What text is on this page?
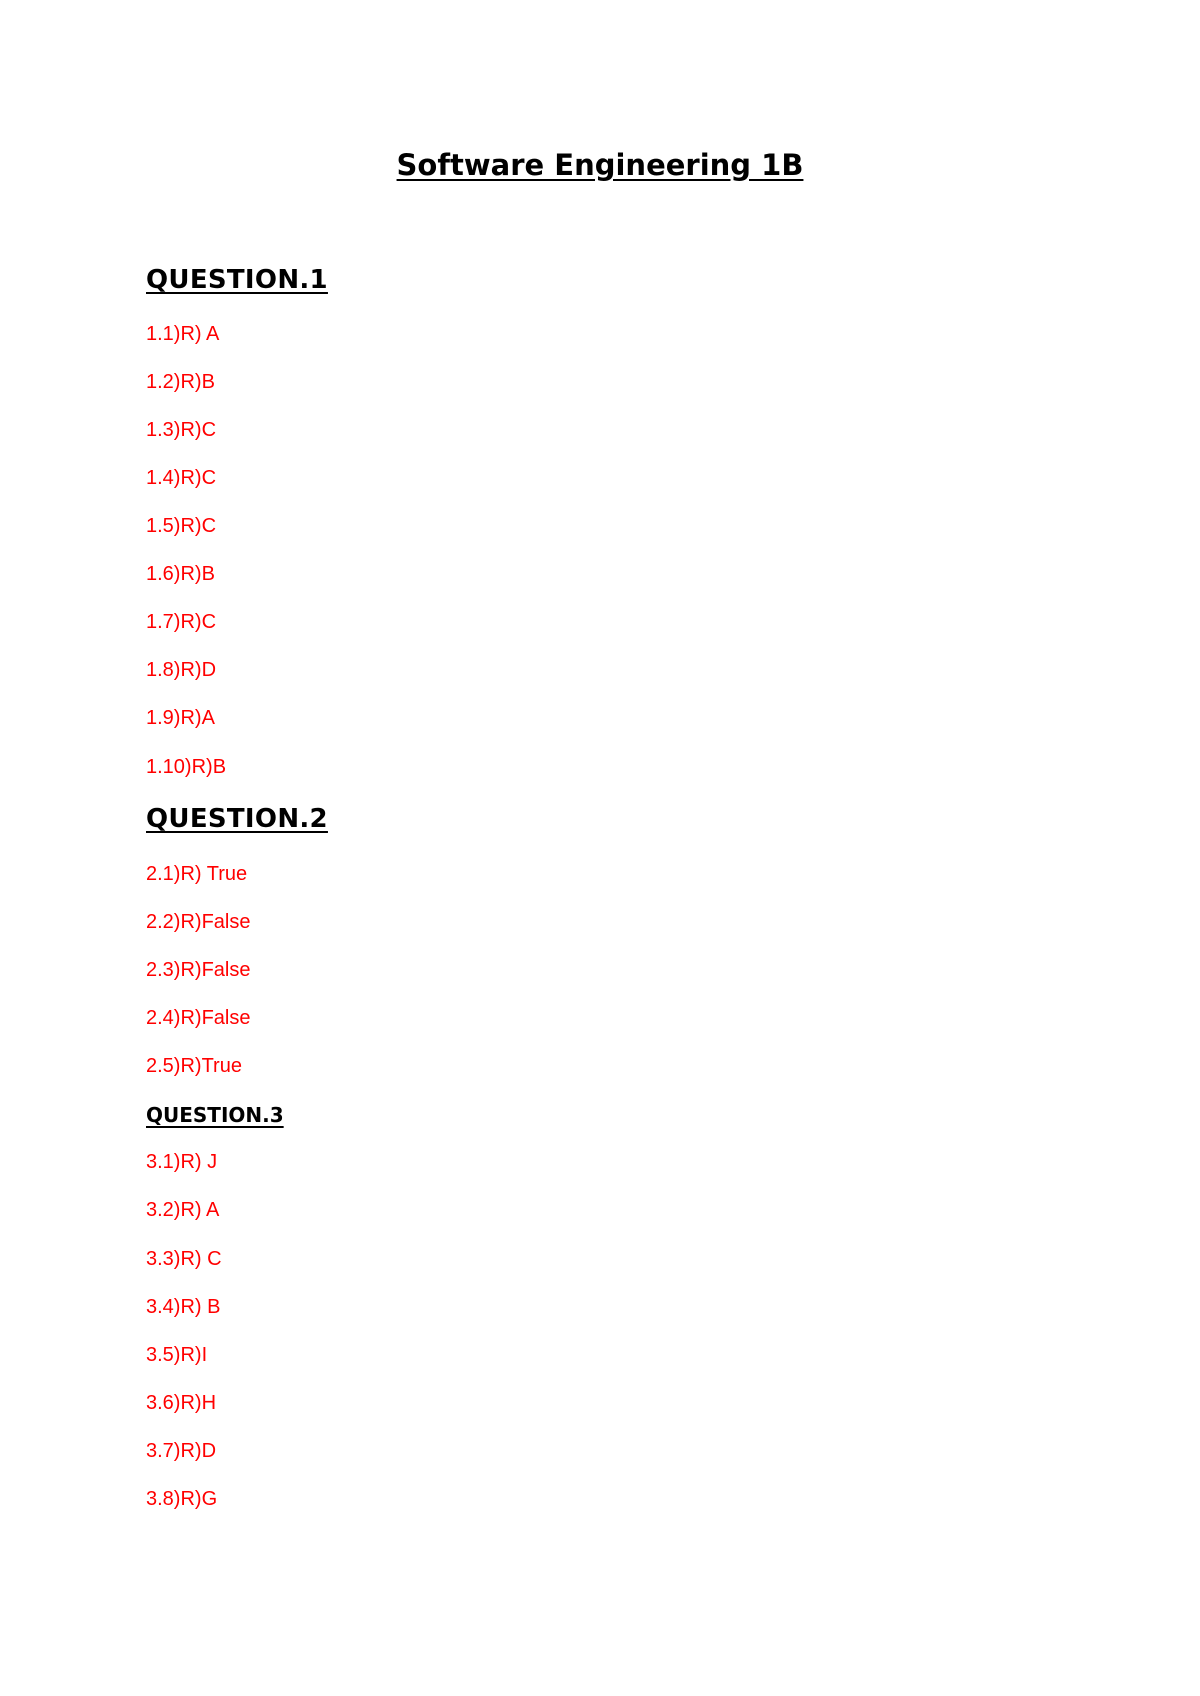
Software Engineering 1B
QUESTION.1

1.1)R) A

1.2)R)B

1.3)R)C

1.4)R)C

1.5)R)C

1.6)R)B

1.7)R)C

1.8)R)D

1.9)R)A

1.10)R)B

QUESTION.2

2.1)R) True

2.2)R)False

2.3)R)False

2.4)R)False

2.5)R)True

QUESTION.3

3.1)R) J

3.2)R) A

3.3)R) C

3.4)R) B

3.5)R)I

3.6)R)H

3.7)R)D

3.8)R)G
